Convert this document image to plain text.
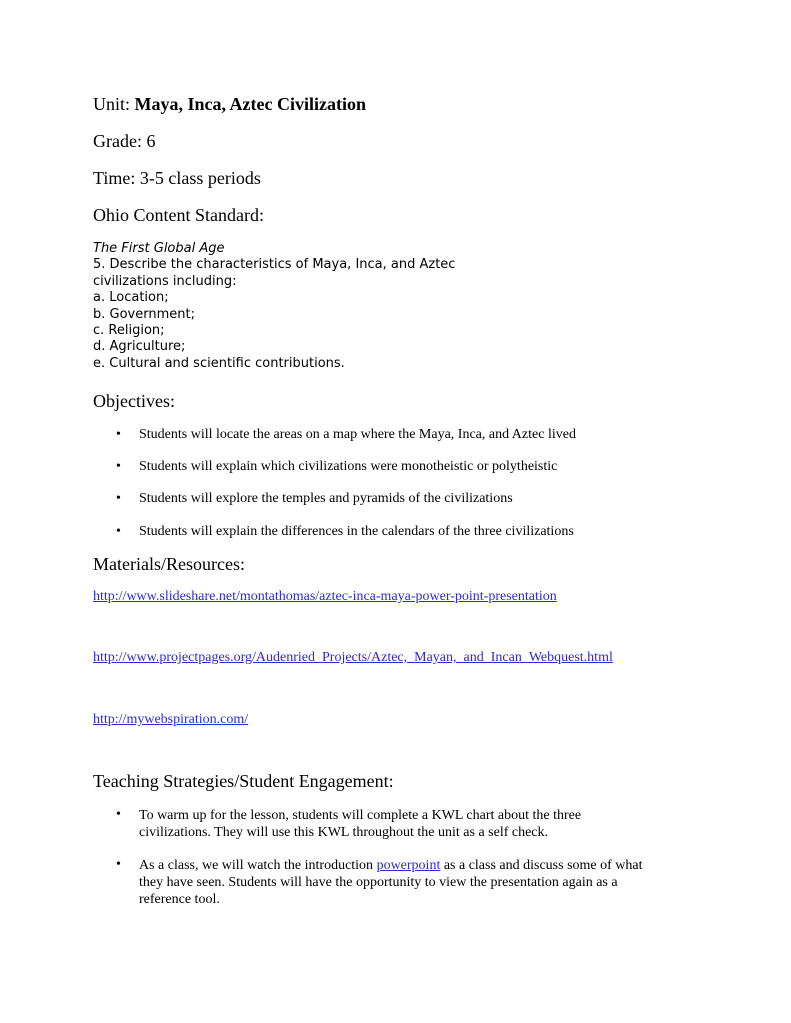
Unit: Maya, Inca, Aztec Civilization
Grade: 6
Time: 3-5 class periods
Ohio Content Standard:
The First Global Age
5. Describe the characteristics of Maya, Inca, and Aztec
civilizations including:
a. Location;
b. Government;
c. Religion;
d. Agriculture;
e. Cultural and scientific contributions.
Objectives:
• Students will locate the areas on a map where the Maya, Inca, and Aztec lived
• Students will explain which civilizations were monotheistic or polytheistic
• Students will explore the temples and pyramids of the civilizations
• Students will explain the differences in the calendars of the three civilizations
Materials/Resources:
http://www.slideshare.net/montathomas/aztec-inca-maya-power-point-presentation
http://www.projectpages.org/Audenried_Projects/Aztec,_Mayan,_and_Incan_Webquest.html
http://mywebspiration.com/
Teaching Strategies/Student Engagement:
• To warm up for the lesson, students will complete a KWL chart about the three
civilizations. They will use this KWL throughout the unit as a self check.
• As a class, we will watch the introduction powerpoint as a class and discuss some of what
they have seen. Students will have the opportunity to view the presentation again as a
reference tool.
